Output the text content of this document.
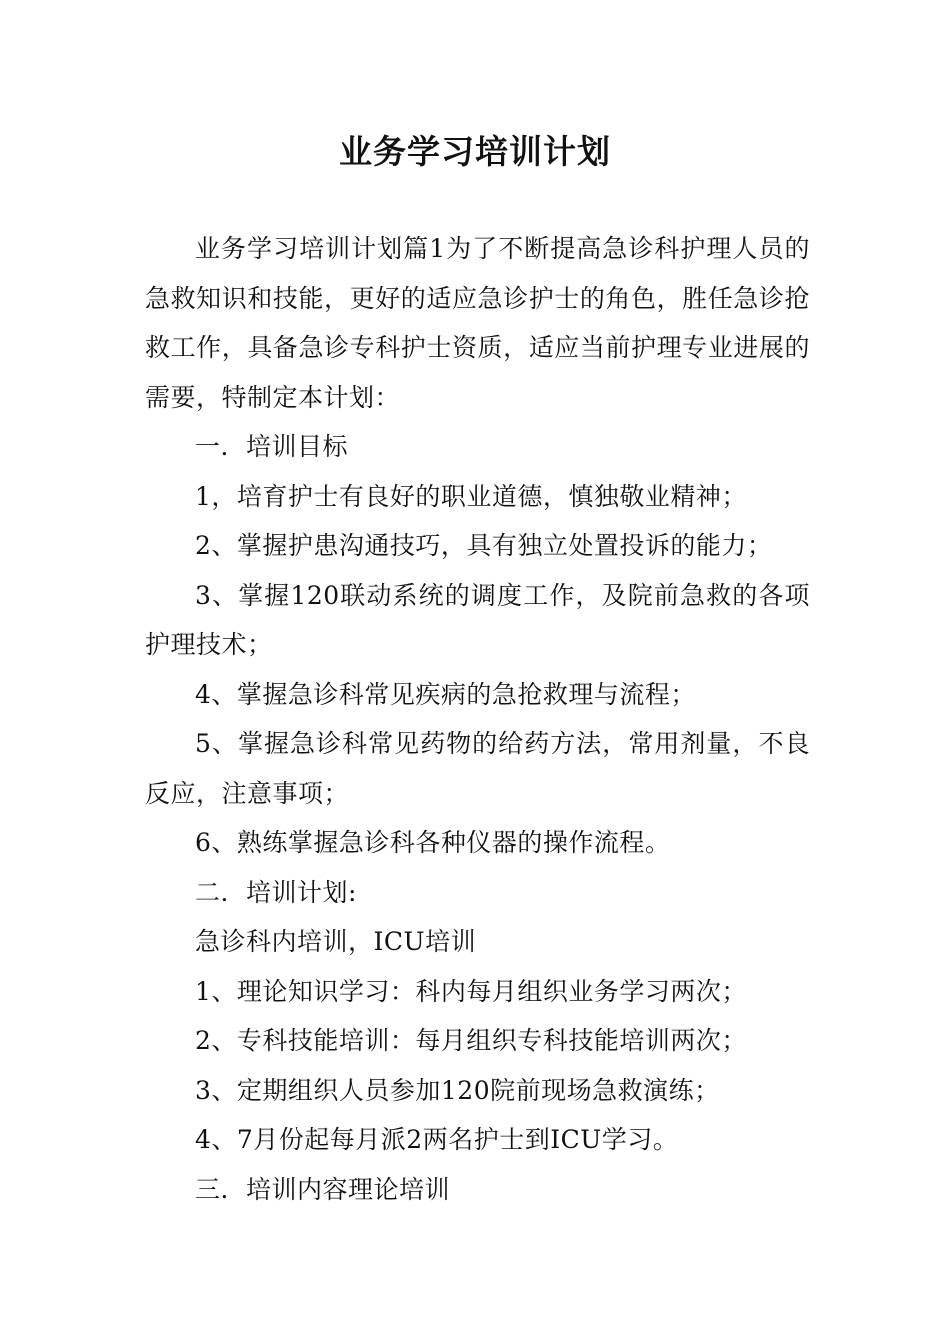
业务学习培训计划

业务学习培训计划篇1为了不断提高急诊科护理人员的急救知识和技能，更好的适应急诊护士的角色，胜任急诊抢救工作，具备急诊专科护士资质，适应当前护理专业进展的需要，特制定本计划：

一．培训目标

1，培育护士有良好的职业道德，慎独敬业精神；

2、掌握护患沟通技巧，具有独立处置投诉的能力；

3、掌握120联动系统的调度工作，及院前急救的各项护理技术；

4、掌握急诊科常见疾病的急抢救理与流程；

5、掌握急诊科常见药物的给药方法，常用剂量，不良反应，注意事项；

6、熟练掌握急诊科各种仪器的操作流程。

二．培训计划:

急诊科内培训，ICU培训

1、理论知识学习：科内每月组织业务学习两次；

2、专科技能培训：每月组织专科技能培训两次；

3、定期组织人员参加120院前现场急救演练；

4、7月份起每月派2两名护士到ICU学习。

三．培训内容理论培训
